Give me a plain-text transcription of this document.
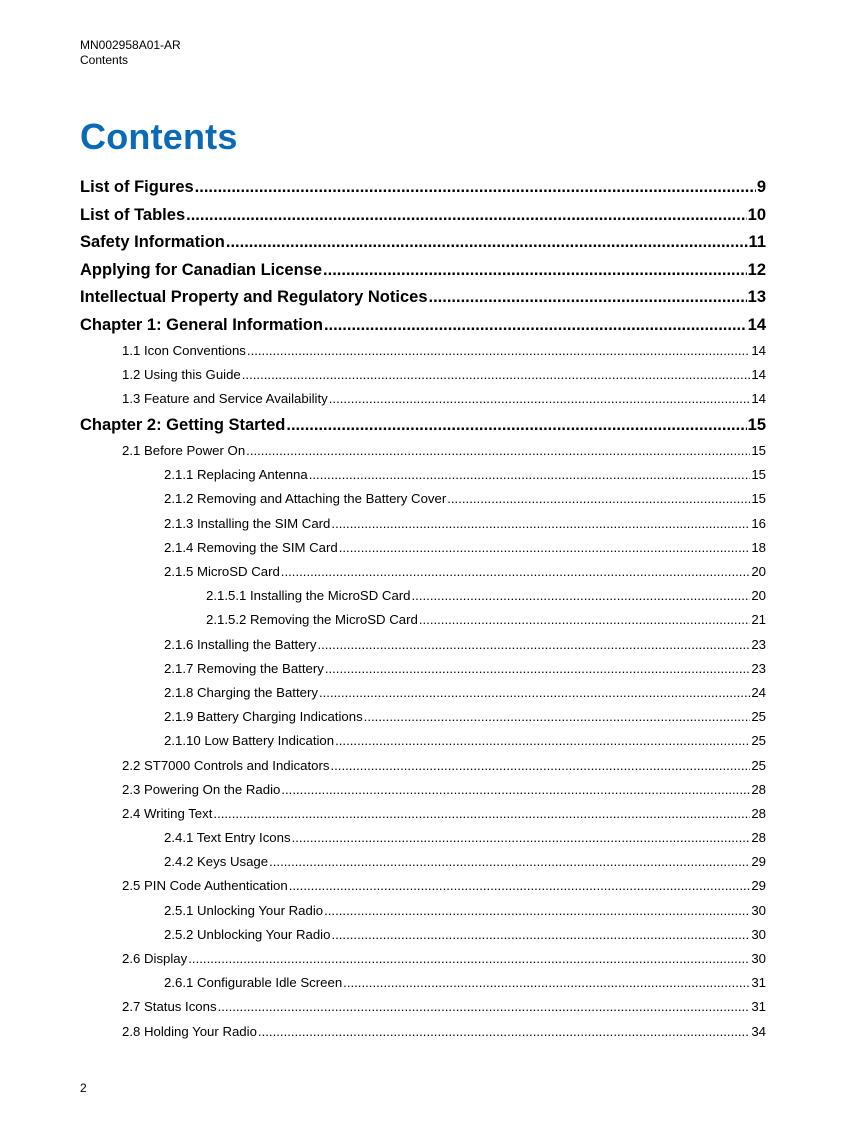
MN002958A01-AR
Contents
Contents
List of Figures .....	9
List of Tables .....	10
Safety Information .....	11
Applying for Canadian License .....	12
Intellectual Property and Regulatory Notices .....	13
Chapter 1: General Information .....	14
1.1 Icon Conventions .....	14
1.2 Using this Guide .....	14
1.3 Feature and Service Availability .....	14
Chapter 2: Getting Started .....	15
2.1 Before Power On .....	15
2.1.1 Replacing Antenna .....	15
2.1.2 Removing and Attaching the Battery Cover .....	15
2.1.3 Installing the SIM Card .....	16
2.1.4 Removing the SIM Card .....	18
2.1.5 MicroSD Card .....	20
2.1.5.1 Installing the MicroSD Card .....	20
2.1.5.2 Removing the MicroSD Card .....	21
2.1.6 Installing the Battery .....	23
2.1.7 Removing the Battery .....	23
2.1.8 Charging the Battery .....	24
2.1.9 Battery Charging Indications .....	25
2.1.10 Low Battery Indication .....	25
2.2 ST7000 Controls and Indicators .....	25
2.3 Powering On the Radio .....	28
2.4 Writing Text .....	28
2.4.1 Text Entry Icons .....	28
2.4.2 Keys Usage .....	29
2.5 PIN Code Authentication .....	29
2.5.1 Unlocking Your Radio .....	30
2.5.2 Unblocking Your Radio .....	30
2.6 Display .....	30
2.6.1 Configurable Idle Screen .....	31
2.7 Status Icons .....	31
2.8 Holding Your Radio .....	34
2
